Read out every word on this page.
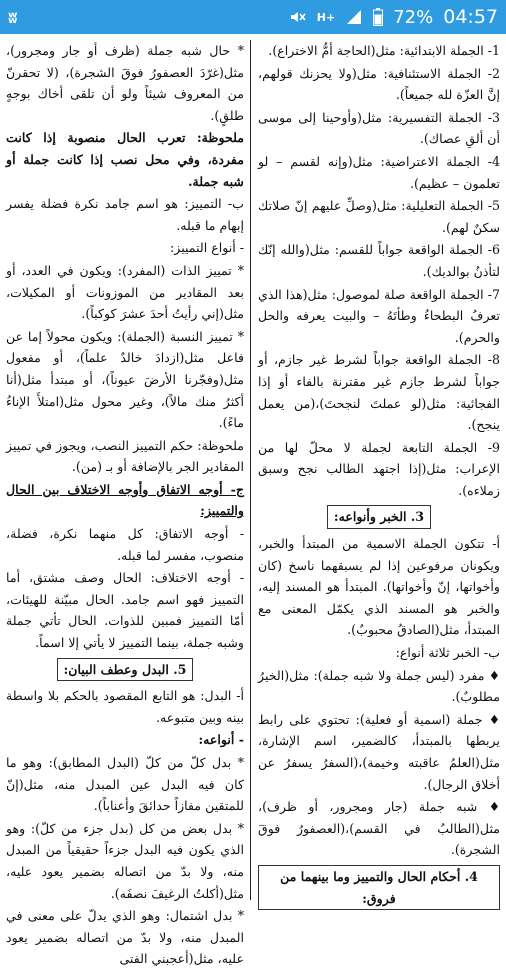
ʬ	H+	72% 04:57

1- الجملة الابتدائية: مثل(الحاجة أمُّ الاختراع).

2- الجملة الاستئنافية: مثل(ولا يحزنك قولهم، إنَّ العزّة لله جميعاً).

3- الجملة التفسيرية: مثل(وأوحينا إلى موسى أن ألقِ عصاك).

4- الجملة الاعتراضية: مثل(وإنه لقسم – لو تعلمون – عظيم).

5- الجملة التعليلية: مثل(وصلِّ عليهم إنّ صلاتك سكنٌ لهم).

6- الجملة الواقعة جواباً للقسم: مثل(والله إنّك لتأذنُ بوالديك).

7- الجملة الواقعة صلة لموصول: مثل(هذا الذي تعرفُ البطحاءُ وطأتَهُ – والبيت يعرفه والحل والحرم).

8- الجملة الواقعة جواباً لشرط غير جازم، أو جواباً لشرط جازم غير مقترنة بالفاء أو إذا الفجائية: مثل(لو عملتَ لنجحتَ)،(من يعمل ينجح).

9- الجملة التابعة لجملة لا محلّ لها من الإعراب: مثل(إذا اجتهد الطالب نجح وسبق زملاءه).

3. الخبر وأنواعه:

أ- تتكون الجملة الاسمية من المبتدأ والخبر، ويكونان مرفوعين إذا لم يسبقهما ناسخ (كان وأخواتها، إنّ وأخواتها). المبتدأ هو المسند إليه، والخبر هو المسند الذي يكمّل المعنى مع المبتدأ، مثل(الصادقُ محبوبٌ).

ب- الخبر ثلاثة أنواع:

♦ مفرد (ليس جملة ولا شبه جملة): مثل(الخيرُ مطلوبٌ).

♦ جملة (اسمية أو فعلية): تحتوي على رابط يربطها بالمبتدأ، كالضمير، اسم الإشارة، مثل(العلمُ عاقبته وخيمة)،(السفرُ يسفرُ عن أخلاق الرجال).

♦ شبه جملة (جار ومجرور، أو ظرف)، مثل(الطالبُ في القسم)،(العصفورُ فوقَ الشجرة).

4. أحكام الحال والتمييز وما بينهما من فروق:

* حال شبه جملة (ظرف أو جار ومجرور)، مثل(غرّدَ العصفورُ فوقَ الشجرة)، (لا تحقرنّ من المعروف شيئاً ولو أن تلقى أخاك بوجهٍ طلقٍ).

ملحوظة: تعرب الحال منصوبة إذا كانت مفردة، وفي محل نصب إذا كانت جملة أو شبه جملة.

ب- التمييز: هو اسم جامد نكرة فضلة يفسر إبهام ما قبله.

- أنواع التمييز:

* تمييز الذات (المفرد): ويكون في العدد، أو بعد المقادير من الموزونات أو المكيلات، مثل(إني رأيتُ أحدَ عشرَ كوكباً).

* تمييز النسبة (الجملة): ويكون محولاً إما عن فاعل مثل(ازدادَ خالدٌ علماً)، أو مفعول مثل(وفجّرنا الأرضَ عيوناً)، أو مبتدأ مثل(أنا أكثرُ منك مالاً)، وغير محول مثل(امتلأَ الإناءُ ماءً).

ملحوظة: حكم التمييز النصب، ويجوز في تمييز المقادير الجر بالإضافة أو بـ (من).

ج- أوجه الاتفاق وأوجه الاختلاف بين الحال والتمييز:

- أوجه الاتفاق: كل منهما نكرة، فضلة، منصوب، مفسر لما قبله.

- أوجه الاختلاف: الحال وصف مشتق، أما التمييز فهو اسم جامد. الحال مبيّنة للهيئات، أمّا التمييز فمبين للذوات. الحال تأتي جملة وشبه جملة، بينما التمييز لا يأتي إلا اسماً.

5. البدل وعطف البيان:

أ- البدل: هو التابع المقصود بالحكم بلا واسطة بينه وبين متبوعه.

- أنواعه:

* بدل كلّ من كلّ (البدل المطابق): وهو ما كان فيه البدل عين المبدل منه، مثل(إنّ للمتقين مفازاً حدائقَ وأعناباً).

* بدل بعض من كل (بدل جزء من كلّ): وهو الذي يكون فيه البدل جزءاً حقيقياً من المبدل منه، ولا بدّ من اتصاله بضمير يعود عليه، مثل(أكلتُ الرغيفَ نصفَه).

* بدل اشتمال: وهو الذي يدلّ على معنى في المبدل منه، ولا بدّ من اتصاله بضمير يعود عليه، مثل(أعجبني الفتى
